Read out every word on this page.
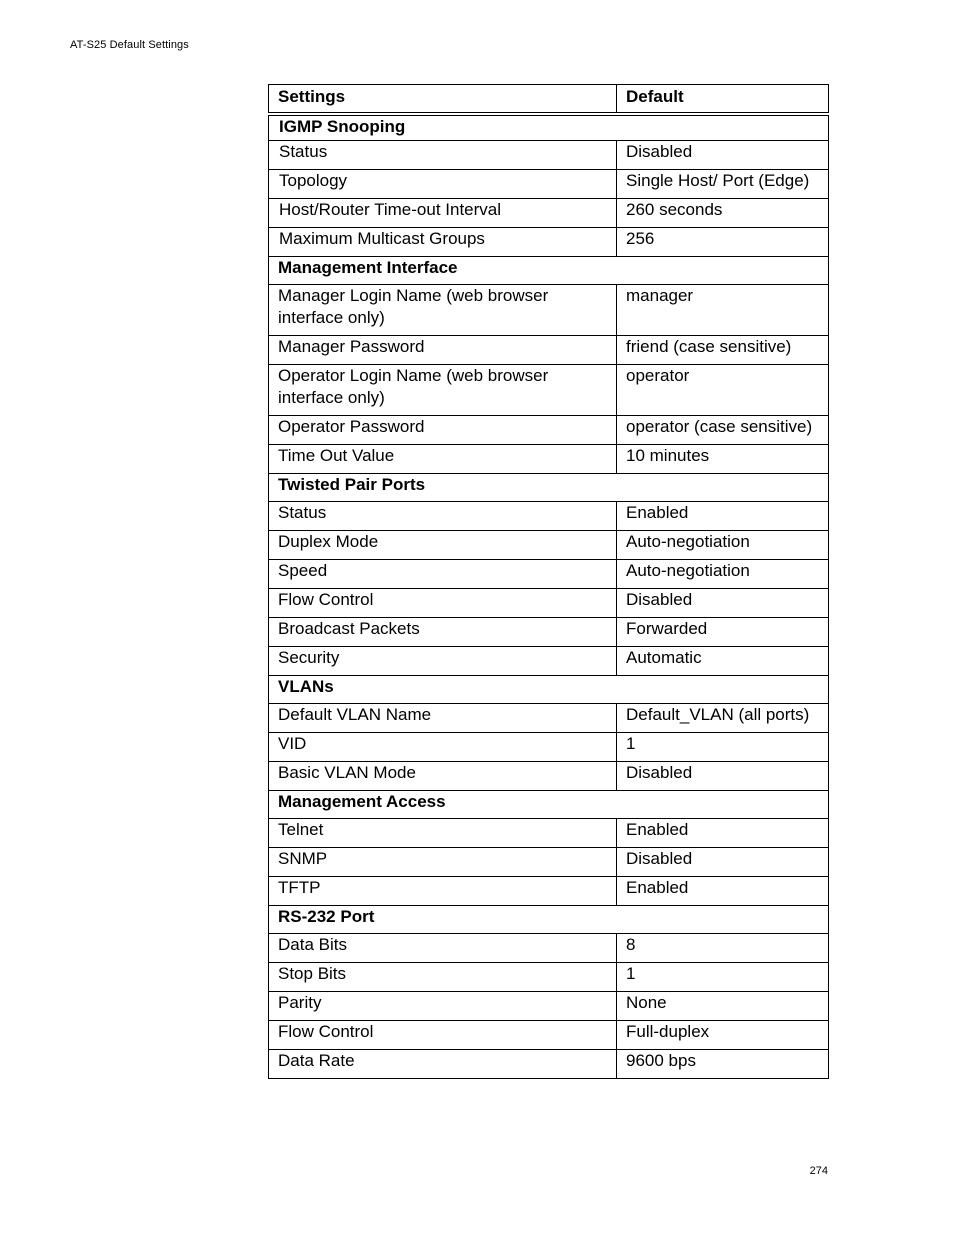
AT-S25 Default Settings
Settings	Default
IGMP Snooping	
Status	Disabled
Topology	Single Host/ Port (Edge)
Host/Router Time-out Interval	260 seconds
Maximum Multicast Groups	256
Management Interface	
Manager Login Name (web browser interface only)	manager
Manager Password	friend (case sensitive)
Operator Login Name (web browser interface only)	operator
Operator Password	operator (case sensitive)
Time Out Value	10 minutes
Twisted Pair Ports	
Status	Enabled
Duplex Mode	Auto-negotiation
Speed	Auto-negotiation
Flow Control	Disabled
Broadcast Packets	Forwarded
Security	Automatic
VLANs	
Default VLAN Name	Default_VLAN (all ports)
VID	1
Basic VLAN Mode	Disabled
Management Access	
Telnet	Enabled
SNMP	Disabled
TFTP	Enabled
RS-232 Port	
Data Bits	8
Stop Bits	1
Parity	None
Flow Control	Full-duplex
Data Rate	9600 bps
274
